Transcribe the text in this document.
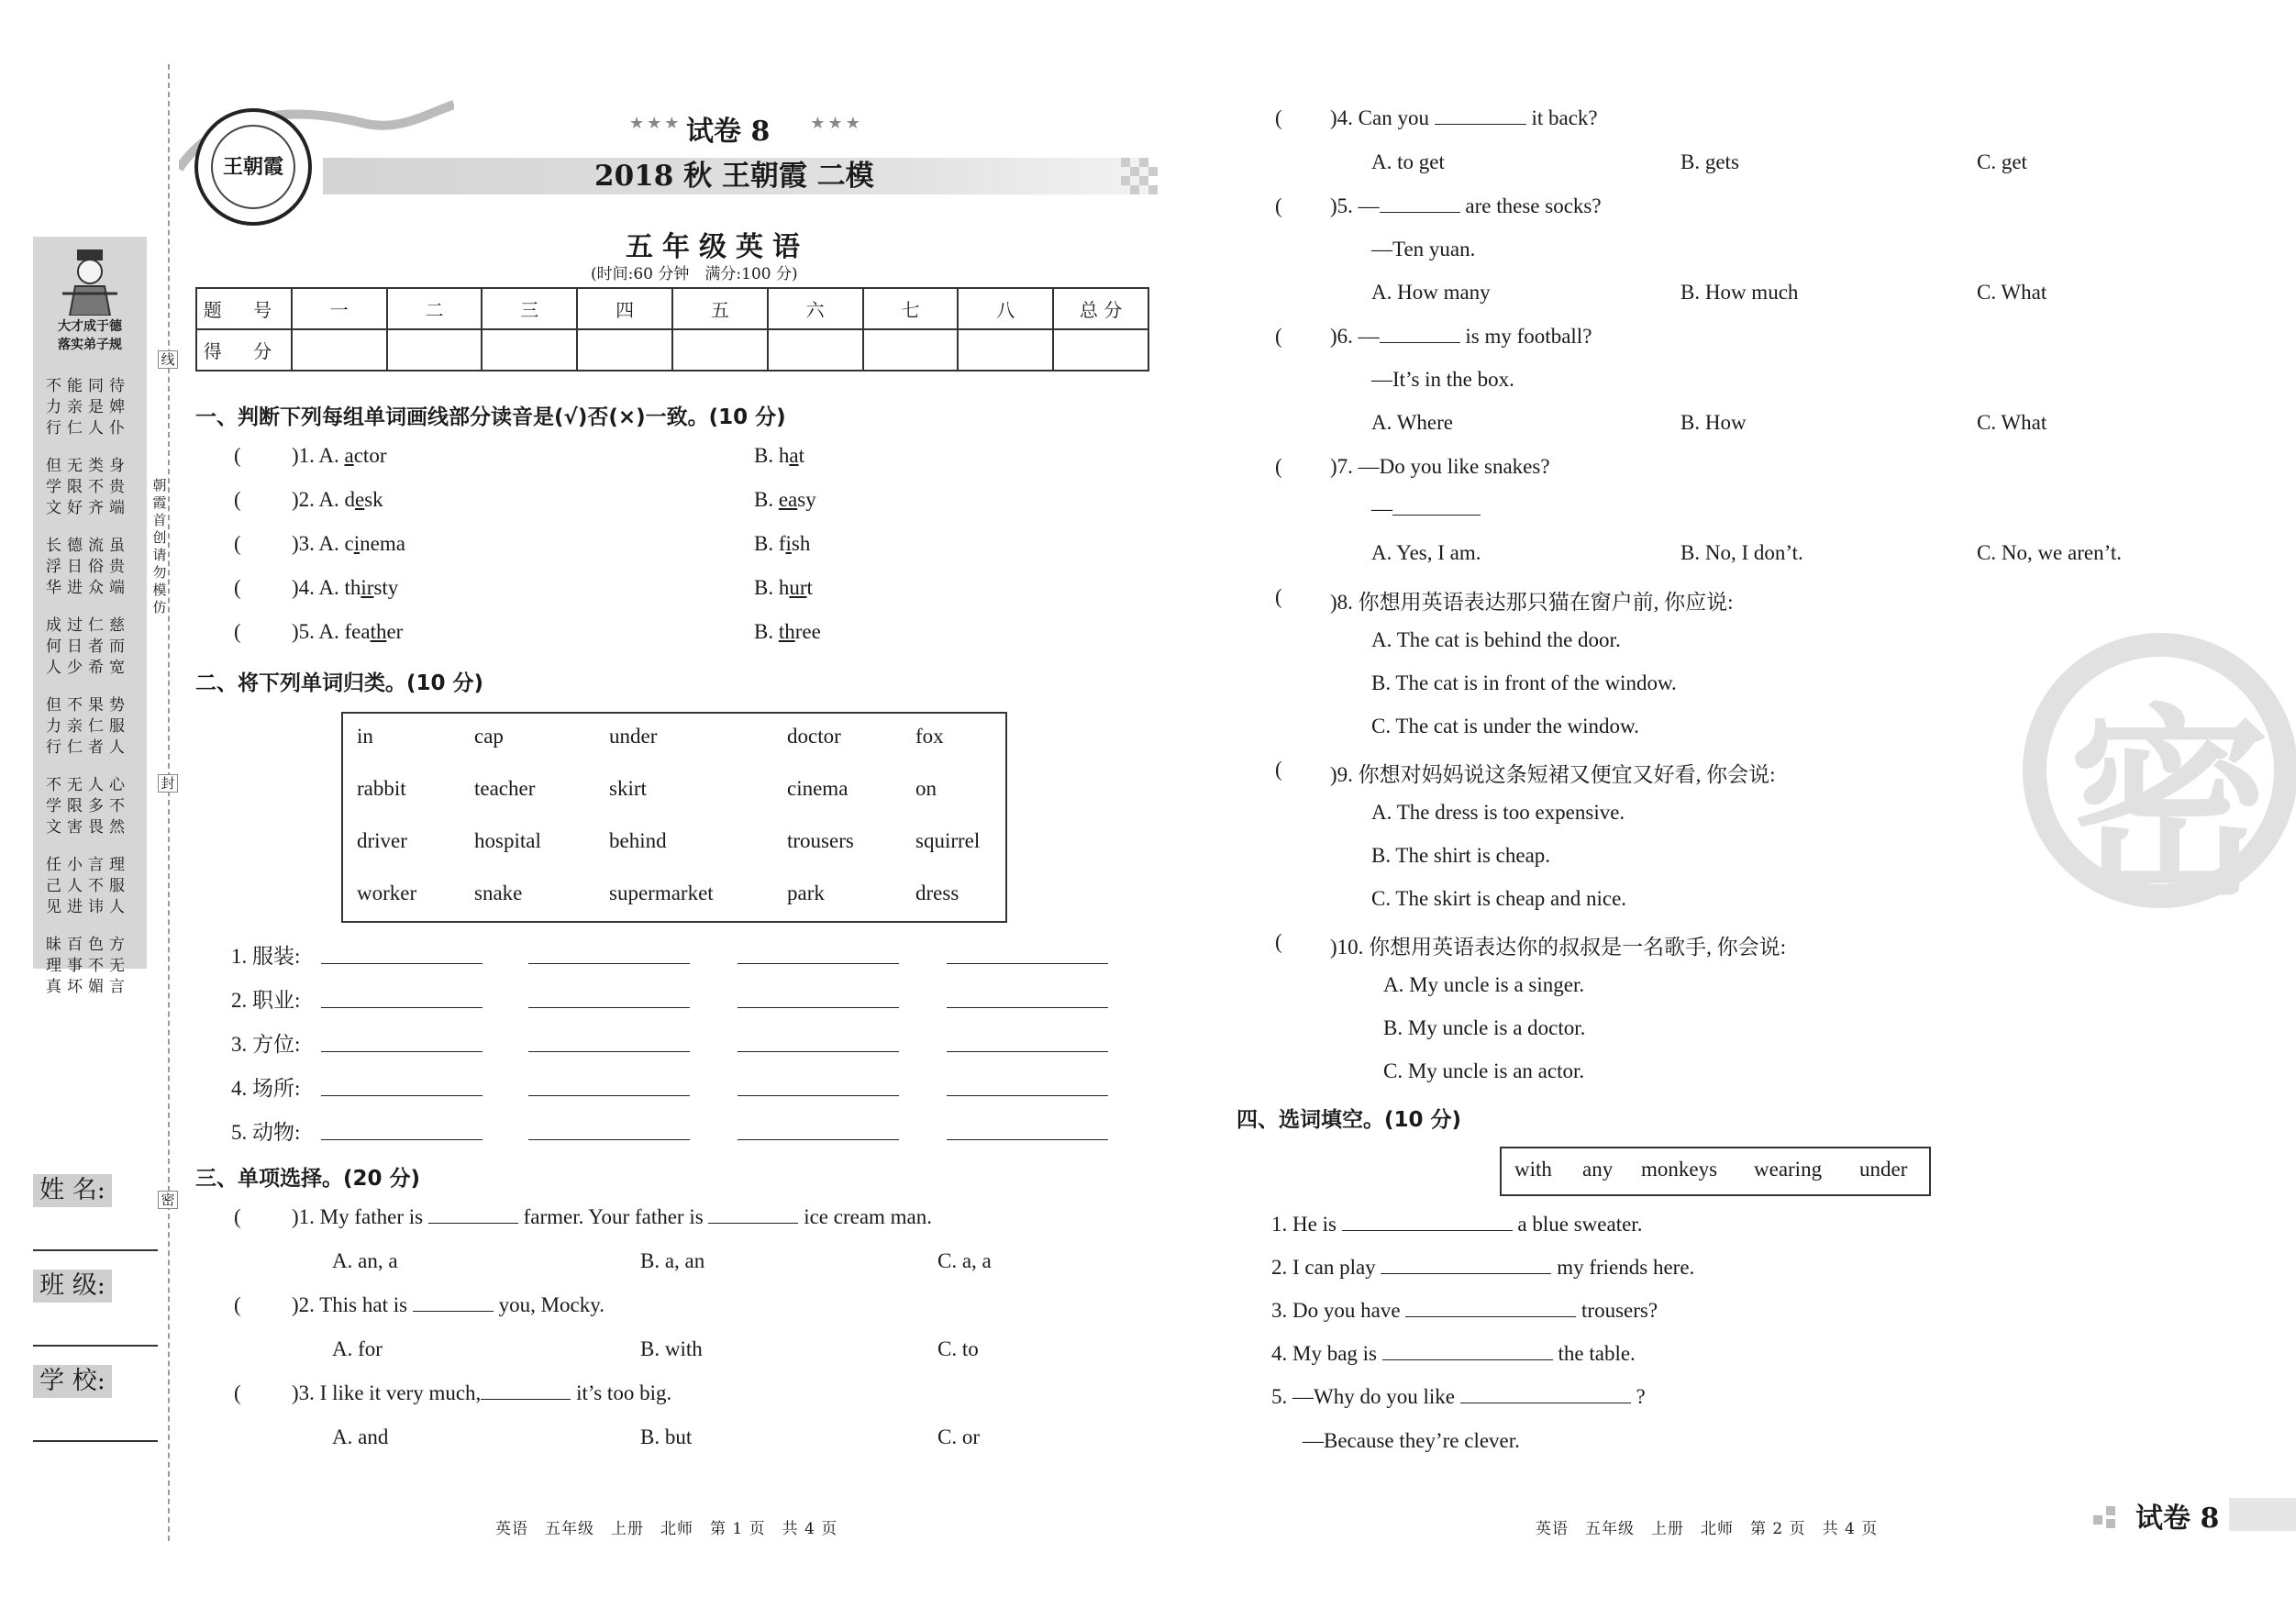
大才成于德
落实弟子规
不能同待
力亲是婢
行仁人仆
但无类身
学限不贵
文好齐端
长德流虽
浮日俗贵
华进众端
成过仁慈
何日者而
人少希宽
但不果势
力亲仁服
行仁者人
不无人心
学限多不
文害畏然
任小言理
己人不服
见进讳人
昧百色方
理事不无
真坏媚言
线
封
密
朝霞首创请勿模仿
姓 名:
班 级:
学 校:
王朝霞
★★★	★★★
试卷 8
2018 秋 王朝霞 二模
五年级英语
(时间:60 分钟　满分:100 分)
题 号	一	二	三	四	五	六	七	八	总 分
得 分									
一、判断下列每组单词画线部分读音是(√)否(×)一致。(10 分)
( )1. A. actor	B. hat
( )2. A. desk	B. easy
( )3. A. cinema	B. fish
( )4. A. thirsty	B. hurt
( )5. A. feather	B. three
二、将下列单词归类。(10 分)
in	cap	under	doctor	fox
rabbit	teacher	skirt	cinema	on
driver	hospital	behind	trousers	squirrel
worker	snake	supermarket	park	dress
1. 服装:
2. 职业:
3. 方位:
4. 场所:
5. 动物:
三、单项选择。(20 分)
( )1. My father is	farmer. Your father is	ice cream man.
A. an, a	B. a, an	C. a, a
( )2. This hat is	you, Mocky.
A. for	B. with	C. to
( )3. I like it very much,	it’s too big.
A. and	B. but	C. or
( )4. Can you	it back?
A. to get	B. gets	C. get
( )5. —	are these socks?
—Ten yuan.
A. How many	B. How much	C. What
( )6. —	is my football?
—It’s in the box.
A. Where	B. How	C. What
( )7. —Do you like snakes?
—
A. Yes, I am.	B. No, I don’t.	C. No, we aren’t.
( )8. 你想用英语表达那只猫在窗户前, 你应说:
A. The cat is behind the door.
B. The cat is in front of the window.
C. The cat is under the window.
( )9. 你想对妈妈说这条短裙又便宜又好看, 你会说:
A. The dress is too expensive.
B. The shirt is cheap.
C. The skirt is cheap and nice.
( )10. 你想用英语表达你的叔叔是一名歌手, 你会说:
A. My uncle is a singer.
B. My uncle is a doctor.
C. My uncle is an actor.
四、选词填空。(10 分)
with any monkeys wearing under
1. He is	a blue sweater.
2. I can play	my friends here.
3. Do you have	trousers?
4. My bag is	the table.
5. —Why do you like	?
—Because they’re clever.
密
英语　五年级　上册　北师　第 1 页　共 4 页	英语　五年级　上册　北师　第 2 页　共 4 页	试卷 8
